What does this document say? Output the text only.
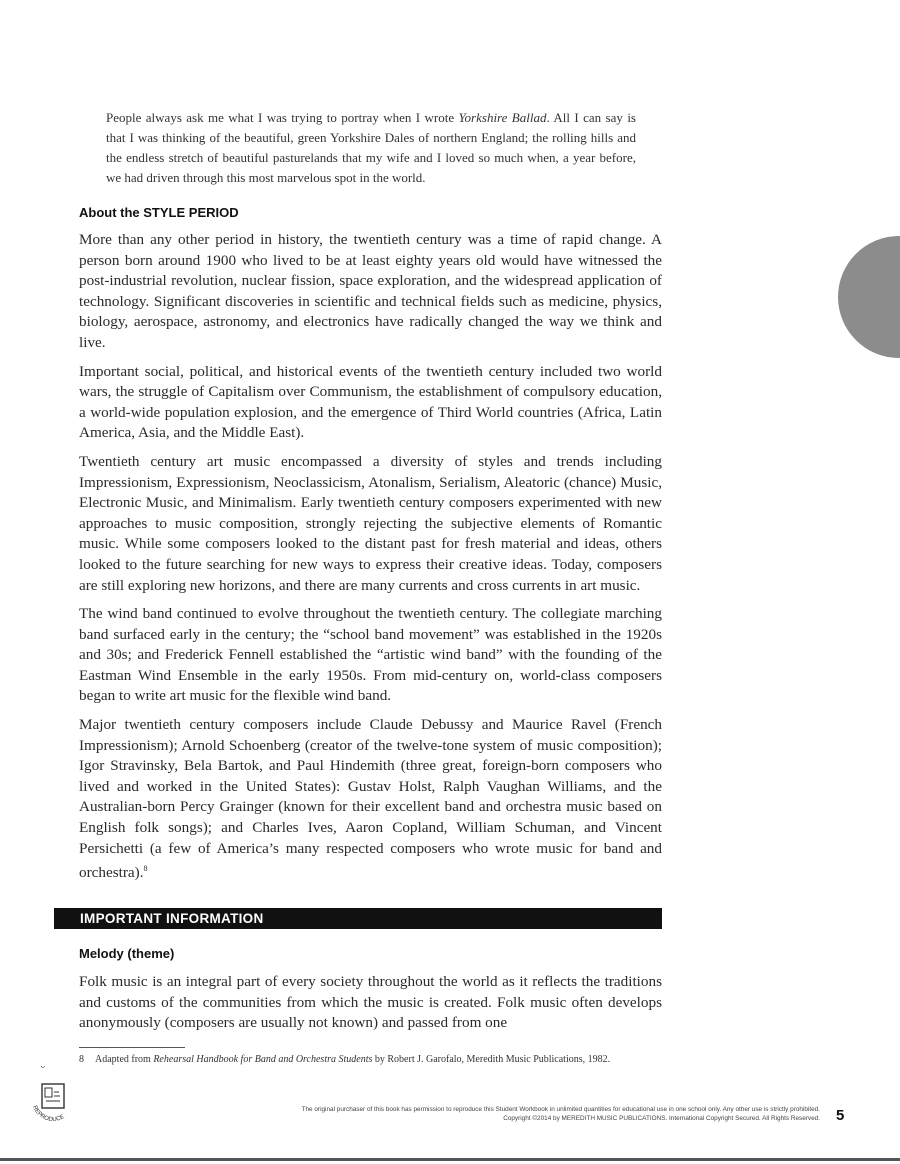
People always ask me what I was trying to portray when I wrote Yorkshire Ballad. All I can say is that I was thinking of the beautiful, green Yorkshire Dales of northern England; the rolling hills and the endless stretch of beautiful pasturelands that my wife and I loved so much when, a year before, we had driven through this most marvelous spot in the world.
About the STYLE PERIOD

More than any other period in history, the twentieth century was a time of rapid change. A person born around 1900 who lived to be at least eighty years old would have witnessed the post-industrial revolution, nuclear fission, space exploration, and the widespread application of technology. Significant discoveries in scientific and technical fields such as medicine, physics, biology, aerospace, astronomy, and electronics have radically changed the way we think and live.

Important social, political, and historical events of the twentieth century included two world wars, the struggle of Capitalism over Communism, the establishment of compulsory education, a world-wide population explosion, and the emergence of Third World countries (Africa, Latin America, Asia, and the Middle East).

Twentieth century art music encompassed a diversity of styles and trends including Impressionism, Expressionism, Neoclassicism, Atonalism, Serialism, Aleatoric (chance) Music, Electronic Music, and Minimalism. Early twentieth century composers experimented with new approaches to music composition, strongly rejecting the subjective elements of Romantic music. While some composers looked to the distant past for fresh material and ideas, others looked to the future searching for new ways to express their creative ideas. Today, composers are still exploring new horizons, and there are many currents and cross currents in art music.

The wind band continued to evolve throughout the twentieth century. The collegiate marching band surfaced early in the century; the “school band movement” was established in the 1920s and 30s; and Frederick Fennell established the “artistic wind band” with the founding of the Eastman Wind Ensemble in the early 1950s. From mid-century on, world-class composers began to write art music for the flexible wind band.

Major twentieth century composers include Claude Debussy and Maurice Ravel (French Impressionism); Arnold Schoenberg (creator of the twelve-tone system of music composition); Igor Stravinsky, Bela Bartok, and Paul Hindemith (three great, foreign-born composers who lived and worked in the United States): Gustav Holst, Ralph Vaughan Williams, and the Australian-born Percy Grainger (known for their excellent band and orchestra music based on English folk songs); and Charles Ives, Aaron Copland, William Schuman, and Vincent Persichetti (a few of America’s many respected composers who wrote music for band and orchestra).$^8$

IMPORTANT INFORMATION
Melody (theme)

Folk music is an integral part of every society throughout the world as it reflects the traditions and customs of the communities from which the music is created. Folk music often develops anonymously (composers are usually not known) and passed from one

8 Adapted from Rehearsal Handbook for Band and Orchestra Students by Robert J. Garofalo, Meredith Music Publications, 1982.
O
REPRODUCE
The original purchaser of this book has permission to reproduce this Student Workbook in unlimited quantities for educational use in one school only. Any other use is strictly prohibited.
Copyright ©2014 by MEREDITH MUSIC PUBLICATIONS. International Copyright Secured. All Rights Reserved. 5
